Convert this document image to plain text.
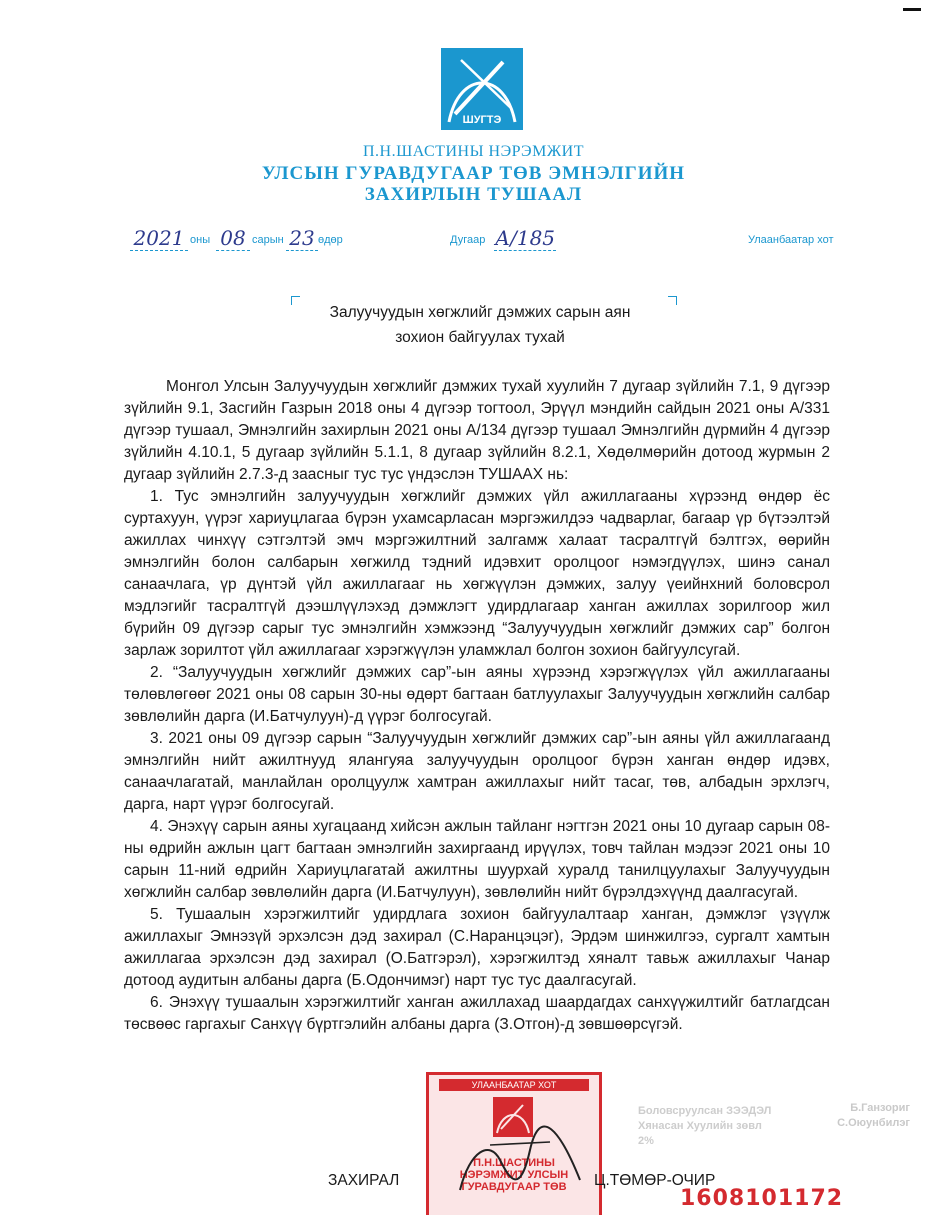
ШУГТЭ
П.Н.ШАСТИНЫ НЭРЭМЖИТ
УЛСЫН ГУРАВДУГААР ТӨВ ЭМНЭЛГИЙН
ЗАХИРЛЫН ТУШААЛ
2021 оны 08 сарын 23 өдөр	Дугаар А/185	Улаанбаатар хот
Залуучуудын хөгжлийг дэмжих сарын аян
зохион байгуулах тухай

Монгол Улсын Залуучуудын хөгжлийг дэмжих тухай хуулийн 7 дугаар зүйлийн 7.1, 9 дүгээр зүйлийн 9.1, Засгийн Газрын 2018 оны 4 дүгээр тогтоол, Эрүүл мэндийн сайдын 2021 оны А/331 дүгээр тушаал, Эмнэлгийн захирлын 2021 оны А/134 дүгээр тушаал Эмнэлгийн дүрмийн 4 дүгээр зүйлийн 4.10.1, 5 дугаар зүйлийн 5.1.1, 8 дугаар зүйлийн 8.2.1, Хөдөлмөрийн дотоод журмын 2 дугаар зүйлийн 2.7.3-д заасныг тус тус үндэслэн ТУШААХ нь:

1. Тус эмнэлгийн залуучуудын хөгжлийг дэмжих үйл ажиллагааны хүрээнд өндөр ёс суртахуун, үүрэг хариуцлагаа бүрэн ухамсарласан мэргэжилдээ чадварлаг, багаар үр бүтээлтэй ажиллах чинхүү сэтгэлтэй эмч мэргэжилтний залгамж халаат тасралтгүй бэлтгэх, өөрийн эмнэлгийн болон салбарын хөгжилд тэдний идэвхит оролцоог нэмэгдүүлэх, шинэ санал санаачлага, үр дүнтэй үйл ажиллагааг нь хөгжүүлэн дэмжих, залуу үеийнхний боловсрол мэдлэгийг тасралтгүй дээшлүүлэхэд дэмжлэгт удирдлагаар ханган ажиллах зорилгоор жил бүрийн 09 дүгээр сарыг тус эмнэлгийн хэмжээнд “Залуучуудын хөгжлийг дэмжих сар” болгон зарлаж зорилтот үйл ажиллагааг хэрэгжүүлэн уламжлал болгон зохион байгуулсугай.

2. “Залуучуудын хөгжлийг дэмжих сар”-ын аяны хүрээнд хэрэгжүүлэх үйл ажиллагааны төлөвлөгөөг 2021 оны 08 сарын 30-ны өдөрт багтаан батлуулахыг Залуучуудын хөгжлийн салбар зөвлөлийн дарга (И.Батчулуун)-д үүрэг болгосугай.

3. 2021 оны 09 дүгээр сарын “Залуучуудын хөгжлийг дэмжих сар”-ын аяны үйл ажиллагаанд эмнэлгийн нийт ажилтнууд ялангуяа залуучуудын оролцоог бүрэн ханган өндөр идэвх, санаачлагатай, манлайлан оролцуулж хамтран ажиллахыг нийт тасаг, төв, албадын эрхлэгч, дарга, нарт үүрэг болгосугай.

4. Энэхүү сарын аяны хугацаанд хийсэн ажлын тайланг нэгтгэн 2021 оны 10 дугаар сарын 08-ны өдрийн ажлын цагт багтаан эмнэлгийн захиргаанд ирүүлэх, товч тайлан мэдээг 2021 оны 10 сарын 11-ний өдрийн Хариуцлагатай ажилтны шуурхай хуралд танилцуулахыг Залуучуудын хөгжлийн салбар зөвлөлийн дарга (И.Батчулуун), зөвлөлийн нийт бүрэлдэхүүнд даалгасугай.

5. Тушаалын хэрэгжилтийг удирдлага зохион байгуулалтаар ханган, дэмжлэг үзүүлж ажиллахыг Эмнэзүй эрхэлсэн дэд захирал (С.Наранцэцэг), Эрдэм шинжилгээ, сургалт хамтын ажиллагаа эрхэлсэн дэд захирал (О.Батгэрэл), хэрэгжилтэд хяналт тавьж ажиллахыг Чанар дотоод аудитын албаны дарга (Б.Одончимэг) нарт тус тус даалгасугай.

6. Энэхүү тушаалын хэрэгжилтийг ханган ажиллахад шаардагдах санхүүжилтийг батлагдсан төсвөөс гаргахыг Санхүү бүртгэлийн албаны дарга (З.Отгон)-д зөвшөөрсүгэй.

Боловсруулсан ЗЭЭДЭЛ
Хянасан Хуулийн зөвл
2%
Б.Ганзориг
С.Оюунбилэг
УЛААНБААТАР ХОТ
П.Н.ШАСТИНЫ
НЭРЭМЖИТ УЛСЫН
ГУРАВДУГААР ТӨВ
ЗАХИРАЛ	Ц.ТӨМӨР-ОЧИР
1608101172
